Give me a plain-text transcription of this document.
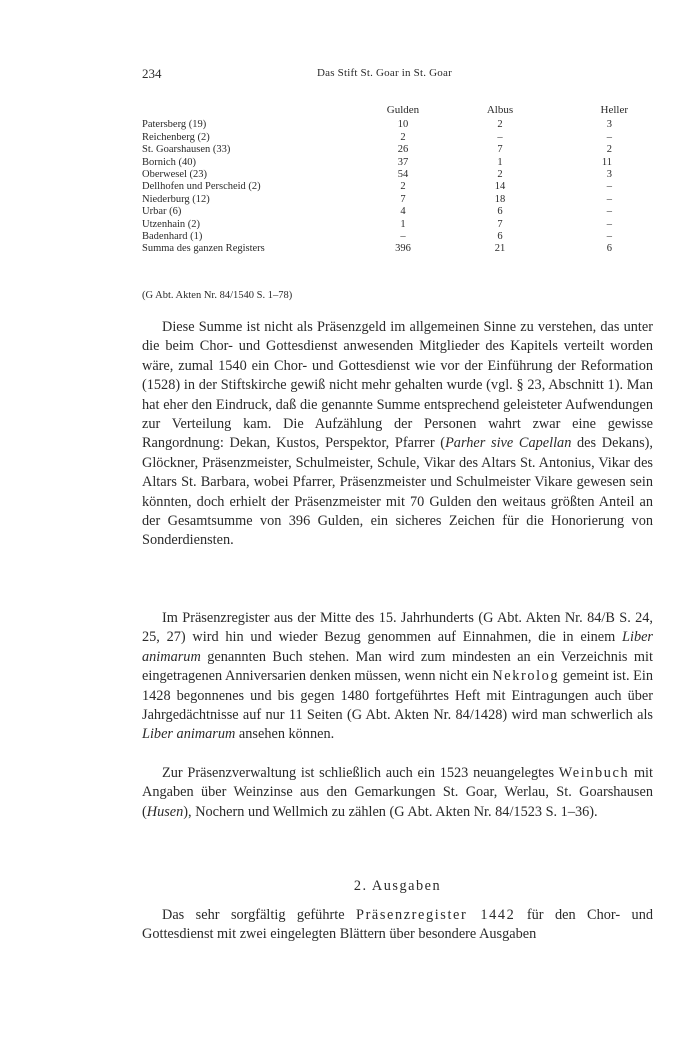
234	Das Stift St. Goar in St. Goar
	Gulden	Albus	Heller
Patersberg (19)	10	2	3
Reichenberg (2)	2	–	–
St. Goarshausen (33)	26	7	2
Bornich (40)	37	1	11
Oberwesel (23)	54	2	3
Dellhofen und Perscheid (2)	2	14	–
Niederburg (12)	7	18	–
Urbar (6)	4	6	–
Utzenhain (2)	1	7	–
Badenhard (1)	–	6	–
Summa des ganzen Registers	396	21	6
(G Abt. Akten Nr. 84/1540 S. 1–78)

Diese Summe ist nicht als Präsenzgeld im allgemeinen Sinne zu verstehen, das unter die beim Chor- und Gottesdienst anwesenden Mitglieder des Kapitels verteilt worden wäre, zumal 1540 ein Chor- und Gottesdienst wie vor der Einführung der Reformation (1528) in der Stiftskirche gewiß nicht mehr gehalten wurde (vgl. § 23, Abschnitt 1). Man hat eher den Eindruck, daß die genannte Summe entsprechend geleisteter Aufwendungen zur Verteilung kam. Die Aufzählung der Personen wahrt zwar eine gewisse Rangordnung: Dekan, Kustos, Perspektor, Pfarrer (Parher sive Capellan des Dekans), Glöckner, Präsenzmeister, Schulmeister, Schule, Vikar des Altars St. Antonius, Vikar des Altars St. Barbara, wobei Pfarrer, Präsenzmeister und Schulmeister Vikare gewesen sein könnten, doch erhielt der Präsenzmeister mit 70 Gulden den weitaus größten Anteil an der Gesamtsumme von 396 Gulden, ein sicheres Zeichen für die Honorierung von Sonderdiensten.

Im Präsenzregister aus der Mitte des 15. Jahrhunderts (G Abt. Akten Nr. 84/B S. 24, 25, 27) wird hin und wieder Bezug genommen auf Einnahmen, die in einem Liber animarum genannten Buch stehen. Man wird zum mindesten an ein Verzeichnis mit eingetragenen Anniversarien denken müssen, wenn nicht ein Nekrolog gemeint ist. Ein 1428 begonnenes und bis gegen 1480 fortgeführtes Heft mit Eintragungen auch über Jahrgedächtnisse auf nur 11 Seiten (G Abt. Akten Nr. 84/1428) wird man schwerlich als Liber animarum ansehen können.

Zur Präsenzverwaltung ist schließlich auch ein 1523 neuangelegtes Weinbuch mit Angaben über Weinzinse aus den Gemarkungen St. Goar, Werlau, St. Goarshausen (Husen), Nochern und Wellmich zu zählen (G Abt. Akten Nr. 84/1523 S. 1–36).

2. Ausgaben

Das sehr sorgfältig geführte Präsenzregister 1442 für den Chor- und Gottesdienst mit zwei eingelegten Blättern über besondere Ausgaben
